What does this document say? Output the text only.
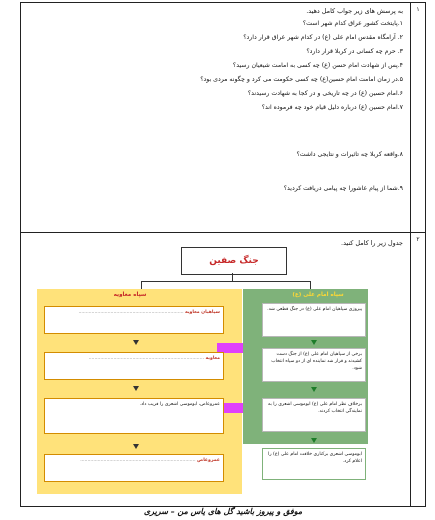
۱
۲
به پرسش های زیر جواب کامل دهید.
۱.پایتخت کشور عراق کدام شهر است؟
۲. آرامگاه مقدس امام علی (ع) در کدام شهر عراق قرار دارد؟
۳. حرم چه کسانی در کربلا قرار دارد؟
۴.پس از شهادت امام حسن (ع) چه کسی به امامت شیعیان رسید؟
۵.در زمان امامت امام حسین(ع) چه کسی حکومت می کرد و چگونه مردی بود؟
۶.امام حسین (ع) در چه تاریخی و در کجا به شهادت رسیدند؟
۷.امام حسین (ع) درباره دلیل قیام خود چه فرموده اند؟
۸.واقعه کربلا چه تاثیرات و نتایجی داشت؟
۹.شما از پیام عاشورا چه پیامی دریافت کردید؟
جدول زیر را کامل کنید.
جنگ صفین
سپاه معاویه	سپاه امام علی (ع)
سپاهیان معاویه ........................................................................
معاویه ...............................................................................
عمروعاص، ابوموسی اشعری را فریب داد.
عمروعاص ...............................................................................
پیروزی سپاهیان امام علی (ع) در جنگ قطعی شد.
برخی از سپاهیان امام علی (ع) از جنگ دست کشیدند و قرار شد نماینده ای از دو سپاه انتخاب شود.
برخلاف نظر امام علی (ع) ابوموسی اشعری را به نمایندگی انتخاب کردند.
ابوموسی اشعری برکناری خلافت امام علی (ع) را اعلام کرد.
موفق و پیروز باشید گل های یاس من – سریری
